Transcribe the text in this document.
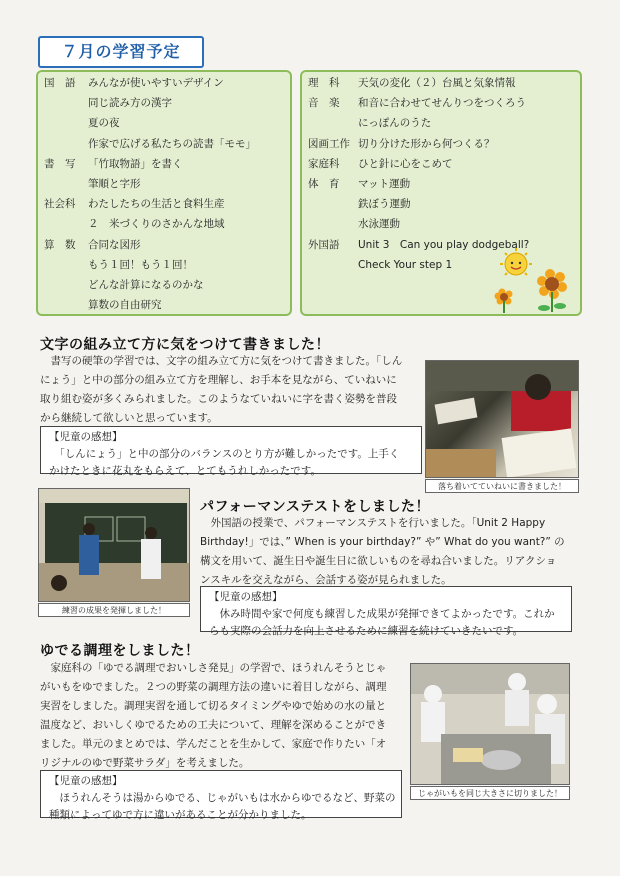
７月の学習予定
国　語	みんなが使いやすいデザイン
同じ読み方の漢字
夏の夜
作家で広げる私たちの読書「モモ」
書　写	「竹取物語」を書く
筆順と字形
社会科	わたしたちの生活と食料生産
２　米づくりのさかんな地域
算　数	合同な図形
もう１回！もう１回！
どんな計算になるのかな
算数の自由研究
理　科	天気の変化（２）台風と気象情報
音　楽	和音に合わせてせんりつをつくろう
にっぽんのうた
図画工作 切り分けた形から何つくる？
家庭科	ひと針に心をこめて
体　育	マット運動
鉄ぼう運動
水泳運動
外国語	Unit 3　Can you play dodgeball?
Check Your step 1
文字の組み立て方に気をつけて書きました！
　書写の硬筆の学習では、文字の組み立て方に気をつけて書きました。「しん
にょう」と中の部分の組み立て方を理解し、お手本を見ながら、ていねいに
取り組む姿が多くみられました。このようなていねいに字を書く姿勢を普段
から継続して欲しいと思っています。
【児童の感想】
　「しんにょう」と中の部分のバランスのとり方が難しかったです。上手く
かけたときに花丸をもらえて、とてもうれしかったです。
落ち着いてていねいに書きました！
練習の成果を発揮しました！
パフォーマンステストをしました！
　外国語の授業で、パフォーマンステストを行いました。「Unit 2 Happy
Birthday!」では、” When is your birthday?” や” What do you want?” の
構文を用いて、誕生日や誕生日に欲しいものを尋ね合いました。リアクショ
ンスキルを交えながら、会話する姿が見られました。
【児童の感想】
　休み時間や家で何度も練習した成果が発揮できてよかったです。これか
らも実際の会話力を向上させるために練習を続けていきたいです。
ゆでる調理をしました！
　家庭科の「ゆでる調理でおいしさ発見」の学習で、ほうれんそうとじゃ
がいもをゆでました。２つの野菜の調理方法の違いに着目しながら、調理
実習をしました。調理実習を通して切るタイミングやゆで始めの水の量と
温度など、おいしくゆでるための工夫について、理解を深めることができ
ました。単元のまとめでは、学んだことを生かして、家庭で作りたい「オ
リジナルのゆで野菜サラダ」を考えました。
【児童の感想】
　ほうれんそうは湯からゆでる、じゃがいもは水からゆでるなど、野菜の
種類によってゆで方に違いがあることが分かりました。
じゃがいもを同じ大きさに切りました！
